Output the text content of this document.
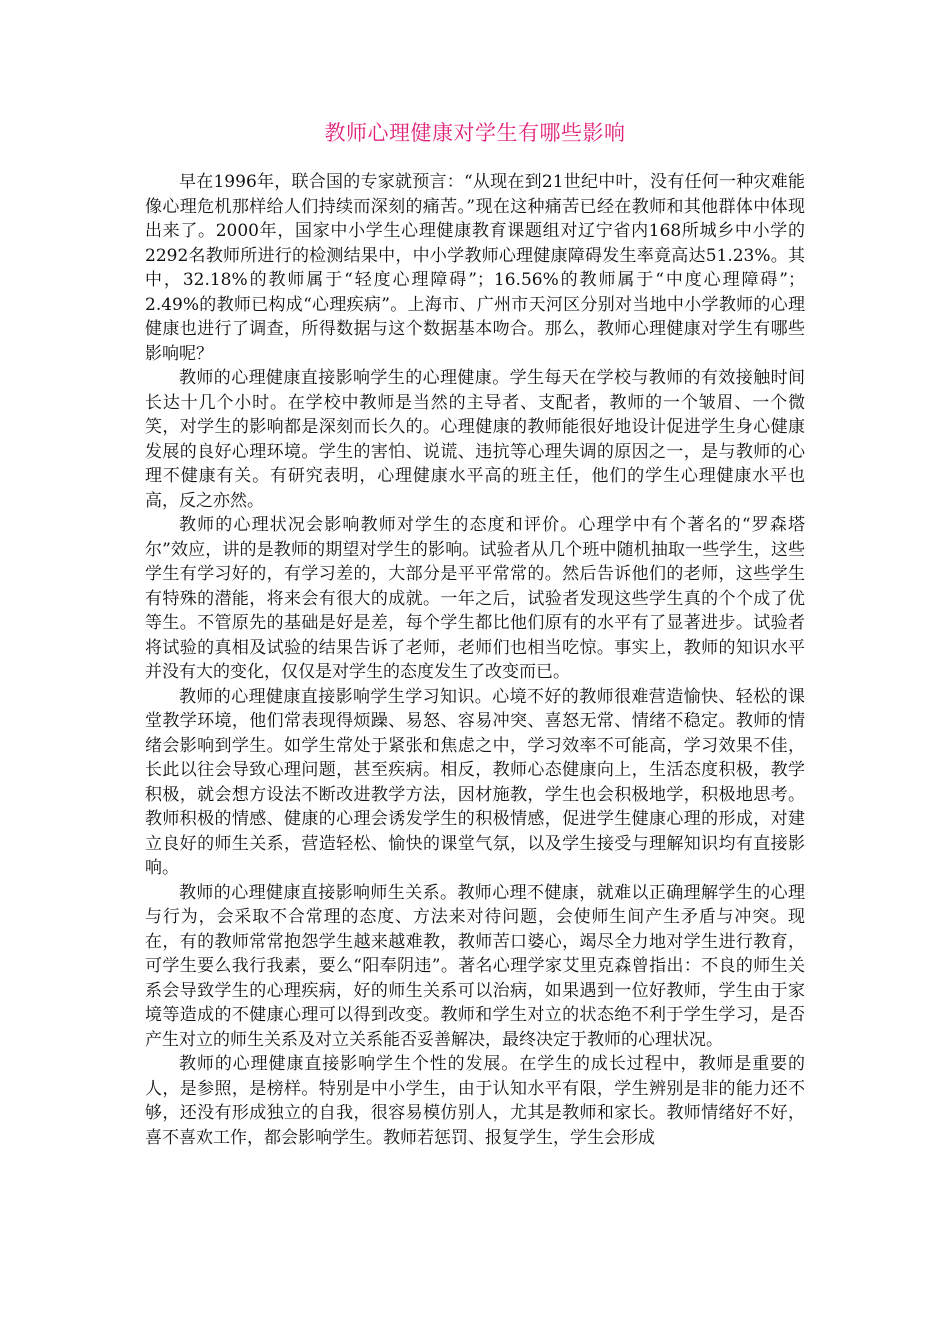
教师心理健康对学生有哪些影响

早在1996年，联合国的专家就预言：“从现在到21世纪中叶，没有任何一种灾难能像心理危机那样给人们持续而深刻的痛苦。”现在这种痛苦已经在教师和其他群体中体现出来了。2000年，国家中小学生心理健康教育课题组对辽宁省内168所城乡中小学的2292名教师所进行的检测结果中，中小学教师心理健康障碍发生率竟高达51.23%。其中，32.18%的教师属于“轻度心理障碍”；16.56%的教师属于“中度心理障碍”；2.49%的教师已构成“心理疾病”。上海市、广州市天河区分别对当地中小学教师的心理健康也进行了调查，所得数据与这个数据基本吻合。那么，教师心理健康对学生有哪些影响呢？

教师的心理健康直接影响学生的心理健康。学生每天在学校与教师的有效接触时间长达十几个小时。在学校中教师是当然的主导者、支配者，教师的一个皱眉、一个微笑，对学生的影响都是深刻而长久的。心理健康的教师能很好地设计促进学生身心健康发展的良好心理环境。学生的害怕、说谎、违抗等心理失调的原因之一，是与教师的心理不健康有关。有研究表明，心理健康水平高的班主任，他们的学生心理健康水平也高，反之亦然。

教师的心理状况会影响教师对学生的态度和评价。心理学中有个著名的“罗森塔尔”效应，讲的是教师的期望对学生的影响。试验者从几个班中随机抽取一些学生，这些学生有学习好的，有学习差的，大部分是平平常常的。然后告诉他们的老师，这些学生有特殊的潜能，将来会有很大的成就。一年之后，试验者发现这些学生真的个个成了优等生。不管原先的基础是好是差，每个学生都比他们原有的水平有了显著进步。试验者将试验的真相及试验的结果告诉了老师，老师们也相当吃惊。事实上，教师的知识水平并没有大的变化，仅仅是对学生的态度发生了改变而已。

教师的心理健康直接影响学生学习知识。心境不好的教师很难营造愉快、轻松的课堂教学环境，他们常表现得烦躁、易怒、容易冲突、喜怒无常、情绪不稳定。教师的情绪会影响到学生。如学生常处于紧张和焦虑之中，学习效率不可能高，学习效果不佳，长此以往会导致心理问题，甚至疾病。相反，教师心态健康向上，生活态度积极，教学积极，就会想方设法不断改进教学方法，因材施教，学生也会积极地学，积极地思考。教师积极的情感、健康的心理会诱发学生的积极情感，促进学生健康心理的形成，对建立良好的师生关系，营造轻松、愉快的课堂气氛，以及学生接受与理解知识均有直接影响。

教师的心理健康直接影响师生关系。教师心理不健康，就难以正确理解学生的心理与行为，会采取不合常理的态度、方法来对待问题，会使师生间产生矛盾与冲突。现在，有的教师常常抱怨学生越来越难教，教师苦口婆心，竭尽全力地对学生进行教育，可学生要么我行我素，要么“阳奉阴违”。著名心理学家艾里克森曾指出：不良的师生关系会导致学生的心理疾病，好的师生关系可以治病，如果遇到一位好教师，学生由于家境等造成的不健康心理可以得到改变。教师和学生对立的状态绝不利于学生学习，是否产生对立的师生关系及对立关系能否妥善解决，最终决定于教师的心理状况。

教师的心理健康直接影响学生个性的发展。在学生的成长过程中，教师是重要的人，是参照，是榜样。特别是中小学生，由于认知水平有限，学生辨别是非的能力还不够，还没有形成独立的自我，很容易模仿别人，尤其是教师和家长。教师情绪好不好，喜不喜欢工作，都会影响学生。教师若惩罚、报复学生，学生会形成
